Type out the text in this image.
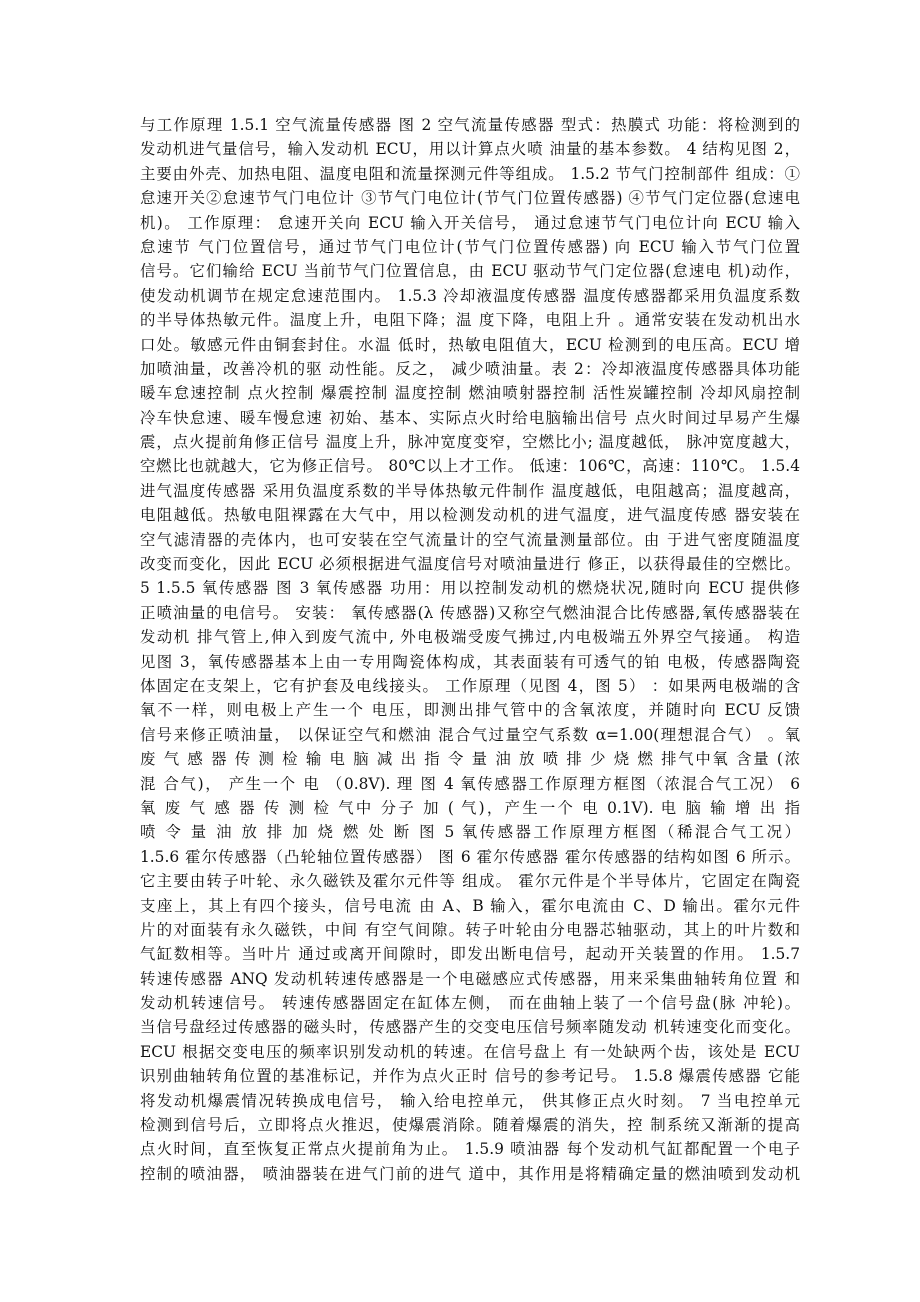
与工作原理 1.5.1 空气流量传感器 图 2 空气流量传感器 型式：热膜式 功能：将检测到的
发动机进气量信号，输入发动机 ECU，用以计算点火喷 油量的基本参数。 4 结构见图 2，
主要由外壳、加热电阻、温度电阻和流量探测元件等组成。 1.5.2 节气门控制部件 组成：①
怠速开关②怠速节气门电位计 ③节气门电位计(节气门位置传感器) ④节气门定位器(怠速电
机)。 工作原理： 怠速开关向 ECU 输入开关信号， 通过怠速节气门电位计向 ECU 输入
怠速节 气门位置信号，通过节气门电位计(节气门位置传感器) 向 ECU 输入节气门位置
信号。它们输给 ECU 当前节气门位置信息，由 ECU 驱动节气门定位器(怠速电 机)动作，
使发动机调节在规定怠速范围内。 1.5.3 冷却液温度传感器 温度传感器都采用负温度系数
的半导体热敏元件。温度上升，电阻下降；温 度下降，电阻上升 。通常安装在发动机出水
口处。敏感元件由铜套封住。水温 低时，热敏电阻值大，ECU 检测到的电压高。ECU 增
加喷油量，改善冷机的驱 动性能。反之， 减少喷油量。表 2：冷却液温度传感器具体功能
暖车怠速控制 点火控制 爆震控制 温度控制 燃油喷射器控制 活性炭罐控制 冷却风扇控制
冷车快怠速、暖车慢怠速 初始、基本、实际点火时给电脑输出信号 点火时间过早易产生爆
震，点火提前角修正信号 温度上升，脉冲宽度变窄，空燃比小; 温度越低， 脉冲宽度越大，
空燃比也就越大，它为修正信号。 80℃以上才工作。 低速：106℃，高速：110℃。 1.5.4
进气温度传感器 采用负温度系数的半导体热敏元件制作 温度越低，电阻越高；温度越高，
电阻越低。热敏电阻裸露在大气中，用以检测发动机的进气温度，进气温度传感 器安装在
空气滤清器的壳体内，也可安装在空气流量计的空气流量测量部位。由 于进气密度随温度
改变而变化，因此 ECU 必须根据进气温度信号对喷油量进行 修正，以获得最佳的空燃比。
5 1.5.5 氧传感器 图 3 氧传感器 功用：用以控制发动机的燃烧状况,随时向 ECU 提供修
正喷油量的电信号。 安装： 氧传感器(λ 传感器)又称空气燃油混合比传感器,氧传感器装在
发动机 排气管上,伸入到废气流中, 外电极端受废气拂过,内电极端五外界空气接通。 构造
见图 3，氧传感器基本上由一专用陶瓷体构成，其表面装有可透气的铂 电极，传感器陶瓷
体固定在支架上，它有护套及电线接头。 工作原理（见图 4，图 5） ：如果两电极端的含
氧不一样，则电极上产生一个 电压，即测出排气管中的含氧浓度，并随时向 ECU 反馈
信号来修正喷油量， 以保证空气和燃油 混合气过量空气系数 α=1.00(理想混合气） 。氧
废 气 感 器 传 测 检 输 电 脑 减 出 指 令 量 油 放 喷 排 少 烧 燃 排气中氧 含量 (浓
混 合气)， 产生一个 电 （0.8V). 理 图 4 氧传感器工作原理方框图（浓混合气工况） 6
氧 废 气 感 器 传 测 检 气中 分子 加 ( 气)，产生一个 电 0.1V). 电 脑 输 增 出 指
喷 令 量 油 放 排 加 烧 燃 处 断 图 5 氧传感器工作原理方框图（稀混合气工况）
1.5.6 霍尔传感器（凸轮轴位置传感器） 图 6 霍尔传感器 霍尔传感器的结构如图 6 所示。
它主要由转子叶轮、永久磁铁及霍尔元件等 组成。 霍尔元件是个半导体片，它固定在陶瓷
支座上，其上有四个接头，信号电流 由 A、B 输入，霍尔电流由 C、D 输出。霍尔元件
片的对面装有永久磁铁，中间 有空气间隙。转子叶轮由分电器芯轴驱动，其上的叶片数和
气缸数相等。当叶片 通过或离开间隙时，即发出断电信号，起动开关装置的作用。 1.5.7
转速传感器 ANQ 发动机转速传感器是一个电磁感应式传感器，用来采集曲轴转角位置 和
发动机转速信号。 转速传感器固定在缸体左侧， 而在曲轴上装了一个信号盘(脉 冲轮)。
当信号盘经过传感器的磁头时，传感器产生的交变电压信号频率随发动 机转速变化而变化。
ECU 根据交变电压的频率识别发动机的转速。在信号盘上 有一处缺两个齿，该处是 ECU
识别曲轴转角位置的基准标记，并作为点火正时 信号的参考记号。 1.5.8 爆震传感器 它能
将发动机爆震情况转换成电信号， 输入给电控单元， 供其修正点火时刻。 7 当电控单元
检测到信号后，立即将点火推迟，使爆震消除。随着爆震的消失，控 制系统又渐渐的提高
点火时间，直至恢复正常点火提前角为止。 1.5.9 喷油器 每个发动机气缸都配置一个电子
控制的喷油器， 喷油器装在进气门前的进气 道中，其作用是将精确定量的燃油喷到发动机
